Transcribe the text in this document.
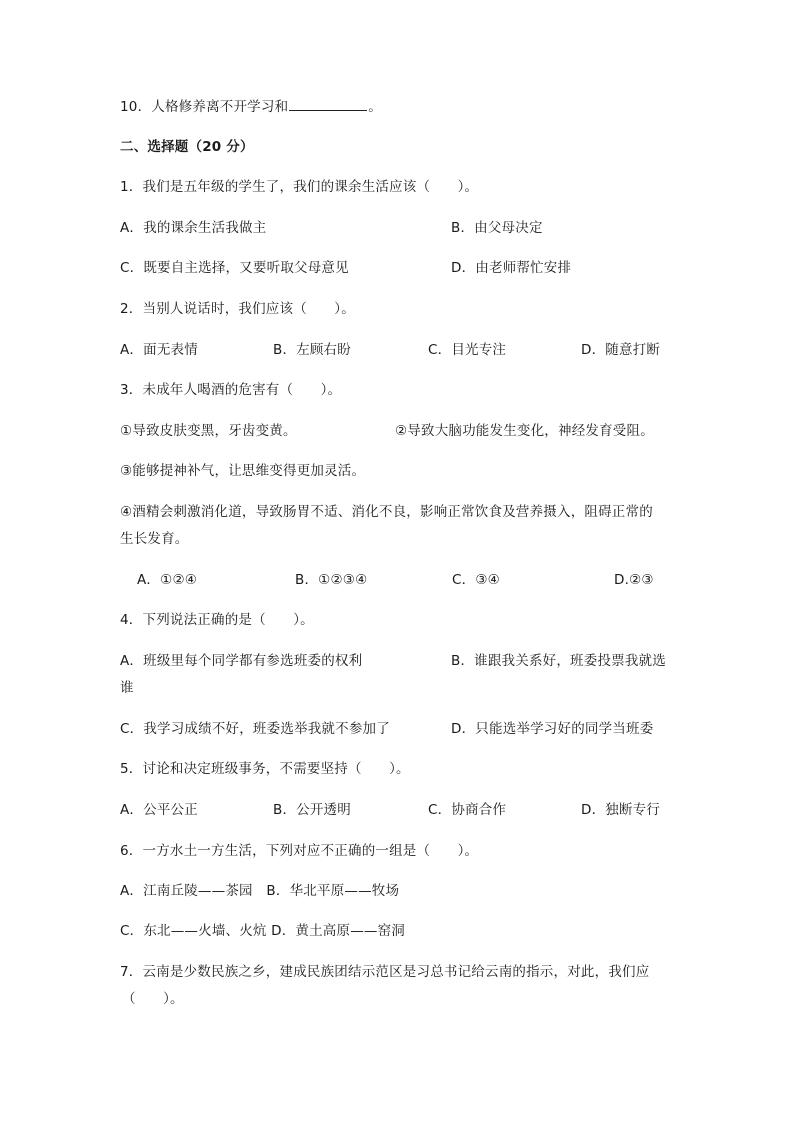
10．人格修养离不开学习和	。
二、选择题（20 分）
1．我们是五年级的学生了，我们的课余生活应该（　　）。
A．我的课余生活我做主	B．由父母决定
C．既要自主选择，又要听取父母意见	D．由老师帮忙安排
2．当别人说话时，我们应该（　　）。
A．面无表情	B．左顾右盼	C．目光专注	D．随意打断
3．未成年人喝酒的危害有（　　）。
①导致皮肤变黑，牙齿变黄。	②导致大脑功能发生变化，神经发育受阻。
③能够提神补气，让思维变得更加灵活。
④酒精会刺激消化道，导致肠胃不适、消化不良，影响正常饮食及营养摄入，阻碍正常的
生长发育。
A．①②④	B．①②③④	C．③④	D.②③
4．下列说法正确的是（　　）。
A．班级里每个同学都有参选班委的权利	B．谁跟我关系好，班委投票我就选
谁
C．我学习成绩不好，班委选举我就不参加了	D．只能选举学习好的同学当班委
5．讨论和决定班级事务，不需要坚持（　　）。
A．公平公正	B．公开透明	C．协商合作	D．独断专行
6．一方水土一方生活，下列对应不正确的一组是（　　）。
A．江南丘陵——茶园　B．华北平原——牧场
C．东北——火墙、火炕 D．黄土高原——窑洞
7．云南是少数民族之乡，建成民族团结示范区是习总书记给云南的指示，对此，我们应
（　　）。
